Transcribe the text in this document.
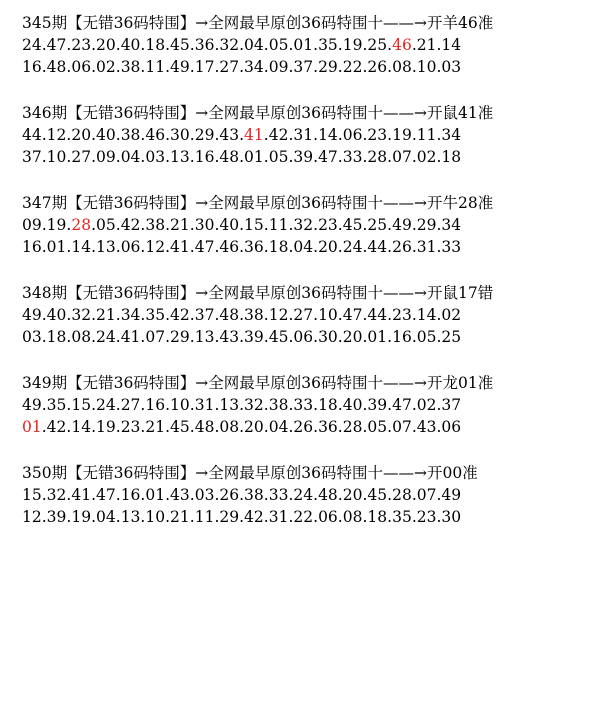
345期【无错36码特围】→全网最早原创36码特围十——→开羊46准
24.47.23.20.40.18.45.36.32.04.05.01.35.19.25.46.21.14
16.48.06.02.38.11.49.17.27.34.09.37.29.22.26.08.10.03
346期【无错36码特围】→全网最早原创36码特围十——→开鼠41准
44.12.20.40.38.46.30.29.43.41.42.31.14.06.23.19.11.34
37.10.27.09.04.03.13.16.48.01.05.39.47.33.28.07.02.18
347期【无错36码特围】→全网最早原创36码特围十——→开牛28准
09.19.28.05.42.38.21.30.40.15.11.32.23.45.25.49.29.34
16.01.14.13.06.12.41.47.46.36.18.04.20.24.44.26.31.33
348期【无错36码特围】→全网最早原创36码特围十——→开鼠17错
49.40.32.21.34.35.42.37.48.38.12.27.10.47.44.23.14.02
03.18.08.24.41.07.29.13.43.39.45.06.30.20.01.16.05.25
349期【无错36码特围】→全网最早原创36码特围十——→开龙01准
49.35.15.24.27.16.10.31.13.32.38.33.18.40.39.47.02.37
01.42.14.19.23.21.45.48.08.20.04.26.36.28.05.07.43.06
350期【无错36码特围】→全网最早原创36码特围十——→开00准
15.32.41.47.16.01.43.03.26.38.33.24.48.20.45.28.07.49
12.39.19.04.13.10.21.11.29.42.31.22.06.08.18.35.23.30
